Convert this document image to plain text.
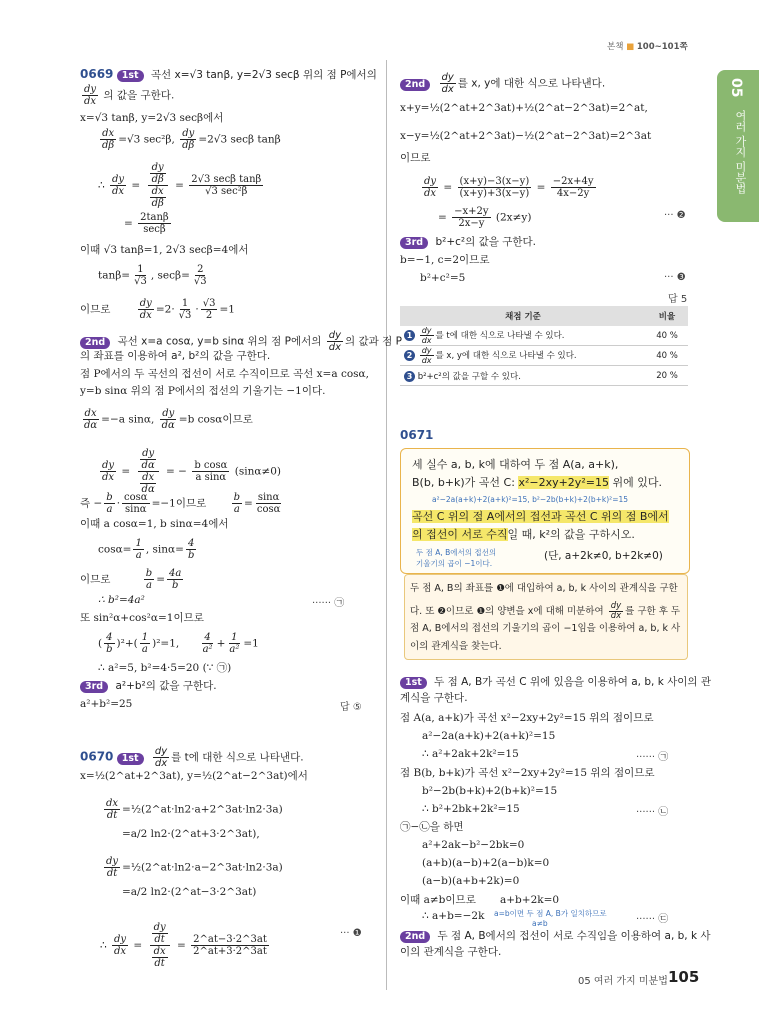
본책 ■ 100~101쪽
05
여러 가지 미분법
0669 1st 곡선 x=√3 tanβ, y=2√3 secβ 위의 점 P에서의
$\frac{dy}{dx}$ 의 값을 구한다.
x=√3 tanβ, y=2√3 secβ에서
$\frac{dx}{d\beta} =√3$ sec²β, $\frac{dy}{d\beta} =2√3$ secβ tanβ
∴ $\frac{dy}{dx}$ =
dy
dβ
dx
dβ
= 2√3 secβ tanβ
√3 sec²β
= 2tanβ
secβ
이때 √3 tanβ=1, 2√3 secβ=4에서
$\tan\beta= \frac{1}{√3}$ , $\sec\beta= \frac{2}{√3}$
이므로	$\frac{dy}{dx} =2\cdot \frac{1}{√3} \cdot \frac{√3}{2} =1$
2nd 곡선 x=a cosα, y=b sinα 위의 점 P에서의 $\frac{dy}{dx}$ 의 값과 점 P
의 좌표를 이용하여 a², b²의 값을 구한다.
점 P에서의 두 곡선의 접선이 서로 수직이므로 곡선 x=a cosα,
y=b sinα 위의 점 P에서의 접선의 기울기는 −1이다.
$\frac{dx}{d\alpha} =-a$ sinα, $\frac{dy}{d\alpha} =b$ cosα이므로
$\frac{dy}{dx}$ =
dy
dα
dx
dα
= − $\frac{\text{b cosα}}{\text{a sinα}} (\sin\alpha\ne 0)$
즉 − $\frac{b}{a} \cdot \frac{\cos\alpha}{\sin\alpha} =-1$이므로	$\frac{b}{a} = \frac{\sin\alpha}{\cos\alpha}$
이때 a cosα=1, b sinα=4에서
$\cos\alpha= \frac{1}{a}$ , $\sin\alpha= \frac{4}{b}$
이므로	$\frac{b}{a} = \frac{4a}{b}$
∴ b²=4a²	······ ㉠
또 sin²α+cos²α=1이므로
( $\frac{4}{b} )^2+( \frac{1}{a} )^2=1$, $\frac{4}{\text{a²}} + \frac{1}{\text{a²}} =1$
∴ a²=5, b²=4·5=20 (∵ ㉠)
3rd a²+b²의 값을 구한다.
a²+b²=25	답 ⑤
0670 $1st \frac{dy}{dx}$ 를 t에 대한 식으로 나타낸다.
x=½(2^at+2^3at), y=½(2^at−2^3at)에서
$\frac{dx}{dt}$ =½(2^at·ln2·a+2^3at·ln2·3a)
=a/2 ln2·(2^at+3·2^3at),
$\frac{dy}{dt}$ =½(2^at·ln2·a−2^3at·ln2·3a)
=a/2 ln2·(2^at−3·2^3at)
∴ $\frac{dy}{dx}$ =
dy
dt
dx
dt
= $\frac{2\^{}at-3\cdot 2\^{}3at}{2\^{}at+3\cdot 2\^{}3at}$
··· ❶
$2nd \frac{dy}{dx}$ 를 x, y에 대한 식으로 나타낸다.
x+y=½(2^at+2^3at)+½(2^at−2^3at)=2^at,
x−y=½(2^at+2^3at)−½(2^at−2^3at)=2^3at
이므로
$\frac{dy}{dx} = \frac{(x+y)-3(x-y)}{(x+y)+3(x-y)} = \frac{-2x+4y}{4x-2y}$
= $\frac{-x+2y}{2x-y} (2x\ne y)$	··· ❷
3rd b²+c²의 값을 구한다.
b=−1, c=2이므로
b²+c²=5	··· ❸
답 5
채점 기준	비율
$1 \frac{dy}{dx}$ 를 t에 대한 식으로 나타낼 수 있다.	40 %
$2 \frac{dy}{dx}$ 를 x, y에 대한 식으로 나타낼 수 있다.	40 %
3 b²+c²의 값을 구할 수 있다.	20 %
0671
세 실수 a, b, k에 대하여 두 점 A(a, a+k),
B(b, b+k)가 곡선 C: x²−2xy+2y²=15 위에 있다.
a²−2a(a+k)+2(a+k)²=15, b²−2b(b+k)+2(b+k)²=15
곡선 C 위의 점 A에서의 접선과 곡선 C 위의 점 B에서
의 접선이 서로 수직일 때, k²의 값을 구하시오.
두 점 A, B에서의 접선의
기울기의 곱이 −1이다.
(단, a+2k≠0, b+2k≠0)
두 점 A, B의 좌표를 ❶에 대입하여 a, b, k 사이의 관계식을 구한
다. 또 ❷이므로 ❶의 양변을 x에 대해 미분하여 $\frac{dy}{dx}$ 를 구한 후 두
점 A, B에서의 접선의 기울기의 곱이 −1임을 이용하여 a, b, k 사
이의 관계식을 찾는다.
1st 두 점 A, B가 곡선 C 위에 있음을 이용하여 a, b, k 사이의 관
계식을 구한다.
점 A(a, a+k)가 곡선 x²−2xy+2y²=15 위의 점이므로
a²−2a(a+k)+2(a+k)²=15
∴ a²+2ak+2k²=15	······ ㉠
점 B(b, b+k)가 곡선 x²−2xy+2y²=15 위의 점이므로
b²−2b(b+k)+2(b+k)²=15
∴ b²+2bk+2k²=15	······ ㉡
㉠−㉡을 하면
a²+2ak−b²−2bk=0
(a+b)(a−b)+2(a−b)k=0
(a−b)(a+b+2k)=0
이때 a≠b이므로 a+b+2k=0
∴ a+b=−2k a=b이면 두 점 A, B가 일치하므로
a≠b	······ ㉢
2nd 두 점 A, B에서의 접선이 서로 수직임을 이용하여 a, b, k 사
이의 관계식을 구한다.
05 여러 가지 미분법 105
